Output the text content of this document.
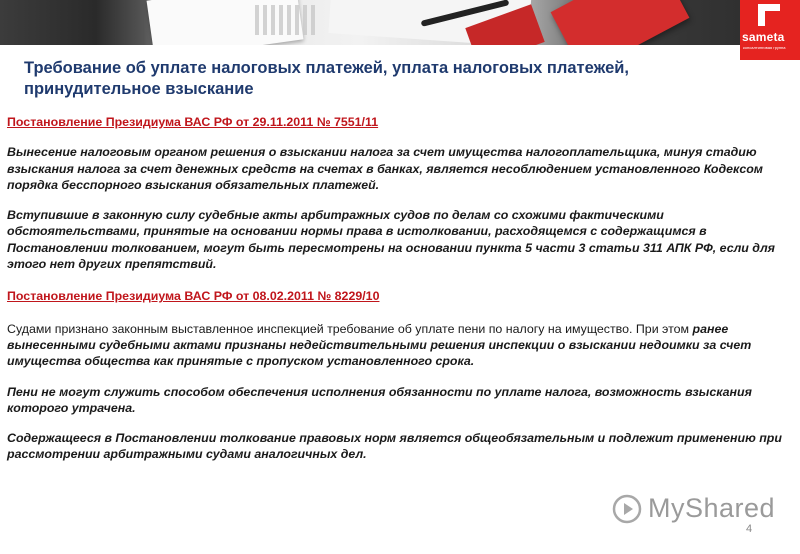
sameta
консалтинговая группа
Требование об уплате налоговых платежей, уплата налоговых платежей, принудительное взыскание

Постановление Президиума ВАС РФ от 29.11.2011 № 7551/11

Вынесение налоговым органом решения о взыскании налога за счет имущества налогоплательщика, минуя стадию взыскания налога за счет денежных средств на счетах в банках, является несоблюдением установленного Кодексом порядка бесспорного взыскания обязательных платежей.

Вступившие в законную силу судебные акты арбитражных судов по делам со схожими фактическими обстоятельствами, принятые на основании нормы права в истолковании, расходящемся с содержащимся в Постановлении толкованием, могут быть пересмотрены на основании пункта 5 части 3 статьи 311 АПК РФ, если для этого нет других препятствий.

Постановление Президиума ВАС РФ от 08.02.2011 № 8229/10

Судами признано законным выставленное инспекцией требование об уплате пени по налогу на имущество. При этом ранее вынесенными судебными актами признаны недействительными решения инспекции о взыскании недоимки за счет имущества общества как принятые с пропуском установленного срока.

Пени не могут служить способом обеспечения исполнения обязанности по уплате налога, возможность взыскания которого утрачена.

Содержащееся в Постановлении толкование правовых норм является общеобязательным и подлежит применению при рассмотрении арбитражными судами аналогичных дел.

MyShared
4
